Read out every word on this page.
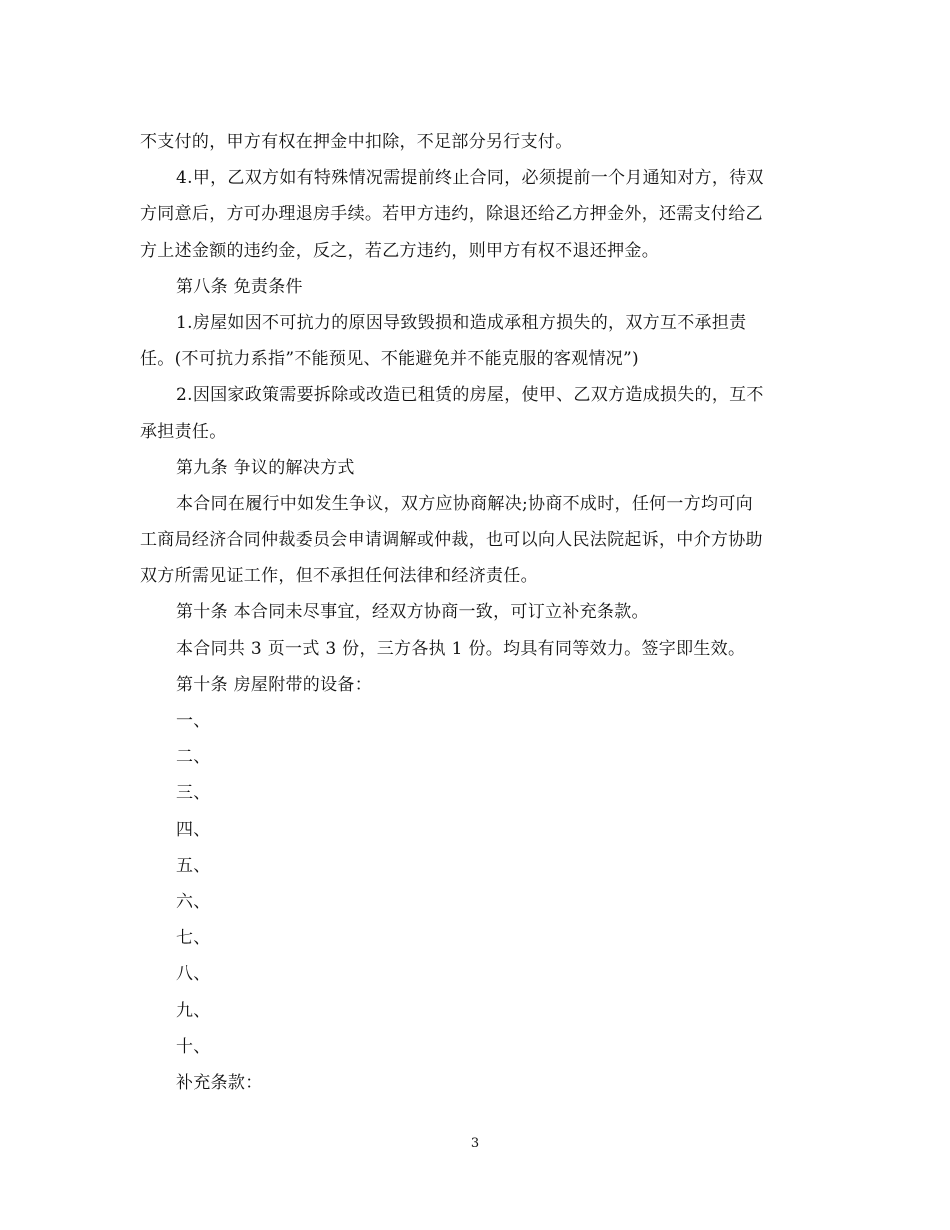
不支付的，甲方有权在押金中扣除，不足部分另行支付。
4.甲，乙双方如有特殊情况需提前终止合同，必须提前一个月通知对方，待双
方同意后，方可办理退房手续。若甲方违约，除退还给乙方押金外，还需支付给乙
方上述金额的违约金，反之，若乙方违约，则甲方有权不退还押金。
第八条 免责条件
1.房屋如因不可抗力的原因导致毁损和造成承租方损失的，双方互不承担责
任。(不可抗力系指”不能预见、不能避免并不能克服的客观情况”)
2.因国家政策需要拆除或改造已租赁的房屋，使甲、乙双方造成损失的，互不
承担责任。
第九条 争议的解决方式
本合同在履行中如发生争议，双方应协商解决;协商不成时，任何一方均可向
工商局经济合同仲裁委员会申请调解或仲裁，也可以向人民法院起诉，中介方协助
双方所需见证工作，但不承担任何法律和经济责任。
第十条 本合同未尽事宜，经双方协商一致，可订立补充条款。
本合同共 3 页一式 3 份，三方各执 1 份。均具有同等效力。签字即生效。
第十条 房屋附带的设备：
一、
二、
三、
四、
五、
六、
七、
八、
九、
十、
补充条款：
3
